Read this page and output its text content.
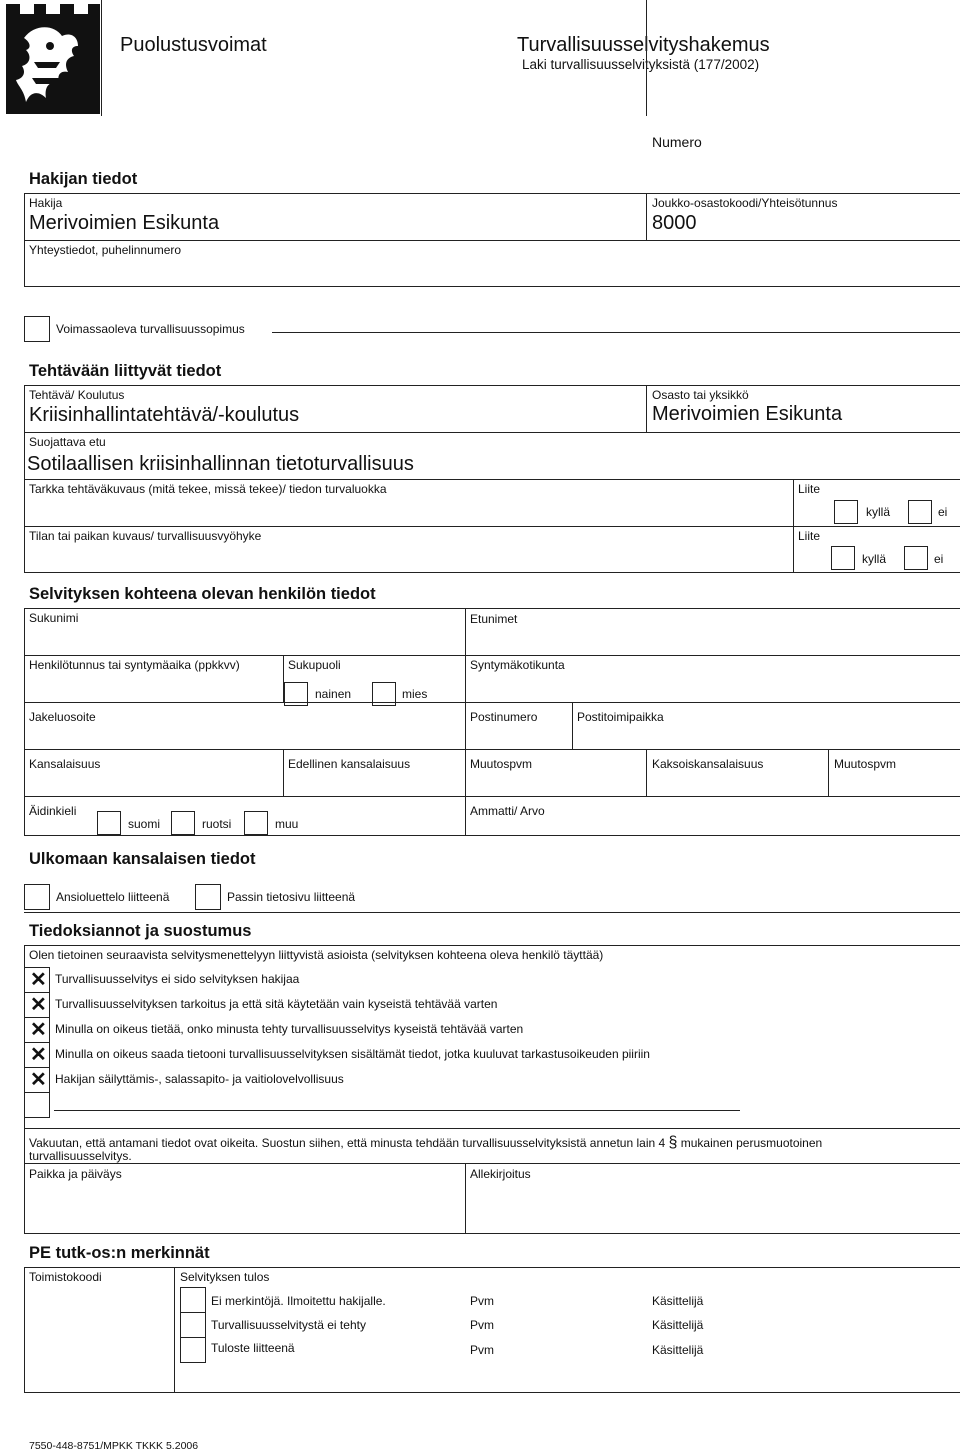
Puolustusvoimat	Turvallisuusselvityshakemus
Laki turvallisuusselvityksistä (177/2002)
Numero
Hakijan tiedot
Hakija
Merivoimien Esikunta
Joukko-osastokoodi/Yhteisötunnus
8000
Yhteystiedot, puhelinnumero
Voimassaoleva turvallisuussopimus
Tehtävään liittyvät tiedot
Tehtävä/ Koulutus
Kriisinhallintatehtävä/-koulutus
Osasto tai yksikkö
Merivoimien Esikunta
Suojattava etu
Sotilaallisen kriisinhallinnan tietoturvallisuus
Tarkka tehtäväkuvaus (mitä tekee, missä tekee)/ tiedon turvaluokka	Liite
kyllä	ei
Tilan tai paikan kuvaus/ turvallisuusvyöhyke	Liite
kyllä	ei
Selvityksen kohteena olevan henkilön tiedot
Sukunimi	Etunimet
Henkilötunnus tai syntymäaika (ppkkvv)	Sukupuoli	Syntymäkotikunta
nainen	mies
Jakeluosoite	Postinumero	Postitoimipaikka
Kansalaisuus	Edellinen kansalaisuus	Muutospvm	Kaksoiskansalaisuus	Muutospvm
Äidinkieli
suomi	ruotsi	muu
Ammatti/ Arvo
Ulkomaan kansalaisen tiedot
Ansioluettelo liitteenä	Passin tietosivu liitteenä
Tiedoksiannot ja suostumus
Olen tietoinen seuraavista selvitysmenettelyyn liittyvistä asioista (selvityksen kohteena oleva henkilö täyttää)
✕ Turvallisuusselvitys ei sido selvityksen hakijaa
✕ Turvallisuusselvityksen tarkoitus ja että sitä käytetään vain kyseistä tehtävää varten
✕ Minulla on oikeus tietää, onko minusta tehty turvallisuusselvitys kyseistä tehtävää varten
✕ Minulla on oikeus saada tietooni turvallisuusselvityksen sisältämät tiedot, jotka kuuluvat tarkastusoikeuden piiriin
✕ Hakijan säilyttämis-, salassapito- ja vaitiolovelvollisuus
Vakuutan, että antamani tiedot ovat oikeita. Suostun siihen, että minusta tehdään turvallisuusselvityksistä annetun lain 4 § mukainen perusmuotoinen
turvallisuusselvitys.
Paikka ja päiväys	Allekirjoitus
PE tutk-os:n merkinnät
Toimistokoodi	Selvityksen tulos
Ei merkintöjä. Ilmoitettu hakijalle.	Pvm	Käsittelijä
Turvallisuusselvitystä ei tehty	Pvm	Käsittelijä
Tuloste liitteenä	Pvm	Käsittelijä
7550-448-8751/MPKK TKKK 5.2006
